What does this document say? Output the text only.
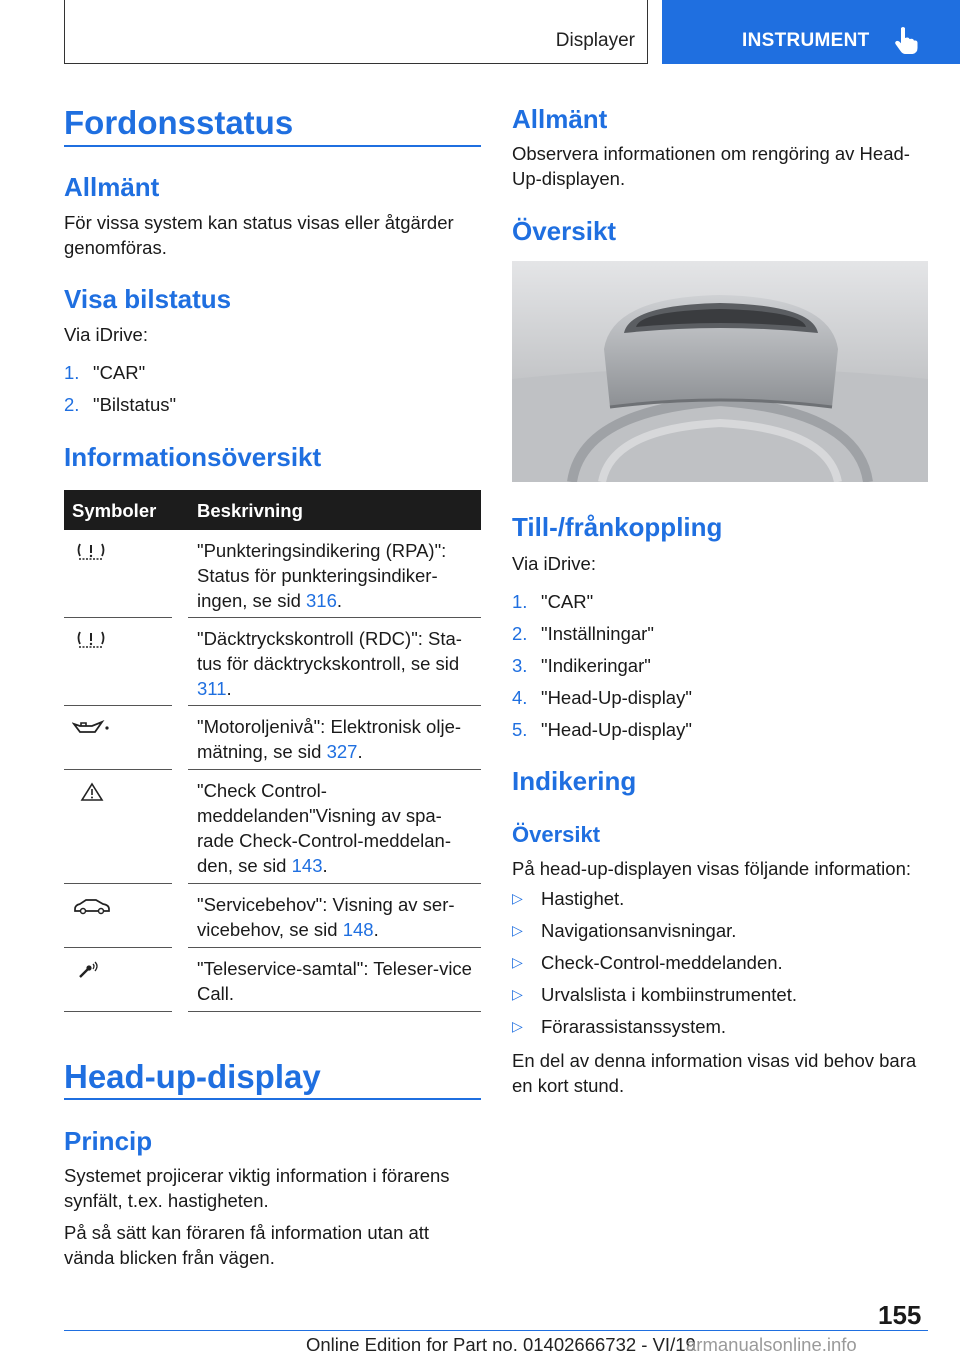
Displayer	INSTRUMENT
Fordonsstatus
Allmänt

För vissa system kan status visas eller åtgärder genomföras.

Visa bilstatus

Via iDrive:

1. "CAR"
2. "Bilstatus"
Informationsöversikt
Symboler Beskrivning
"Punkteringsindikering (RPA)": Status för punkteringsindiker-ingen, se sid 316.
"Däcktryckskontroll (RDC)": Sta-tus för däcktryckskontroll, se sid 311.
"Motoroljenivå": Elektronisk olje-mätning, se sid 327.
"Check Control-meddelanden"Visning av spa-rade Check-Control-meddelan-den, se sid 143.
"Servicebehov": Visning av ser-vicebehov, se sid 148.
"Teleservice-samtal": Teleser-vice Call.
Head-up-display
Princip

Systemet projicerar viktig information i förarens synfält, t.ex. hastigheten.

På så sätt kan föraren få information utan att vända blicken från vägen.

Allmänt

Observera informationen om rengöring av Head-Up-displayen.

Översikt
Till-/frånkoppling

Via iDrive:

1. "CAR"
2. "Inställningar"
3. "Indikeringar"
4. "Head-Up-display"
5. "Head-Up-display"
Indikering
Översikt

På head-up-displayen visas följande information:

▷ Hastighet.
▷ Navigationsanvisningar.
▷ Check-Control-meddelanden.
▷ Urvalslista i kombiinstrumentet.
▷ Förarassistanssystem.

En del av denna information visas vid behov bara en kort stund.

155
Online Edition for Part no. 01402666732 - VI/19
armanualsonline.info
